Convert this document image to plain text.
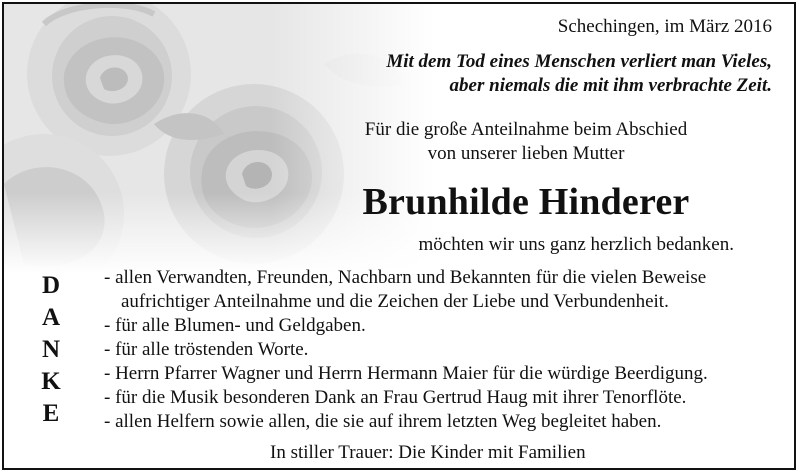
Schechingen, im März 2016

Mit dem Tod eines Menschen verliert man Vieles,
aber niemals die mit ihm verbrachte Zeit.

Für die große Anteilnahme beim Abschied
von unserer lieben Mutter

Brunhilde Hinderer

möchten wir uns ganz herzlich bedanken.

D
A
N
K
E
- allen Verwandten, Freunden, Nachbarn und Bekannten für die vielen Beweise
aufrichtiger Anteilnahme und die Zeichen der Liebe und Verbundenheit.
- für alle Blumen- und Geldgaben.
- für alle tröstenden Worte.
- Herrn Pfarrer Wagner und Herrn Hermann Maier für die würdige Beerdigung.
- für die Musik besonderen Dank an Frau Gertrud Haug mit ihrer Tenorflöte.
- allen Helfern sowie allen, die sie auf ihrem letzten Weg begleitet haben.

In stiller Trauer: Die Kinder mit Familien
